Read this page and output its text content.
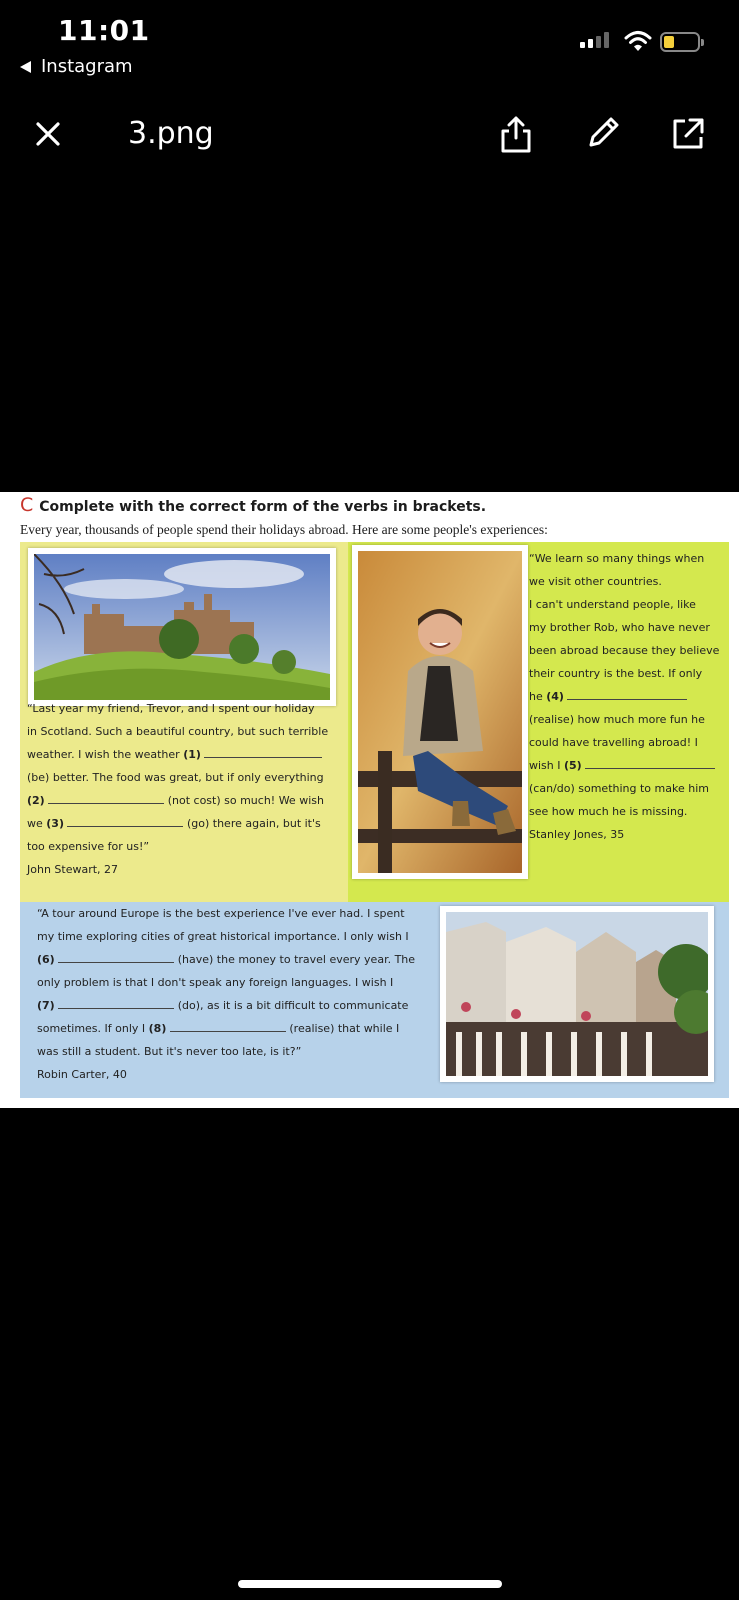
11:01
Instagram
3.png
C Complete with the correct form of the verbs in brackets.
Every year, thousands of people spend their holidays abroad. Here are some people's experiences:
“Last year my friend, Trevor, and I spent our holiday
in Scotland. Such a beautiful country, but such terrible
weather. I wish the weather (1)
(be) better. The food was great, but if only everything
(2)	(not cost) so much! We wish
we (3)	(go) there again, but it's
too expensive for us!”
John Stewart, 27
“We learn so many things when
we visit other countries.
I can't understand people, like
my brother Rob, who have never
been abroad because they believe
their country is the best. If only
he (4)
(realise) how much more fun he
could have travelling abroad! I
wish I (5)
(can/do) something to make him
see how much he is missing.
Stanley Jones, 35
“A tour around Europe is the best experience I've ever had. I spent
my time exploring cities of great historical importance. I only wish I
(6)	(have) the money to travel every year. The
only problem is that I don't speak any foreign languages. I wish I
(7)	(do), as it is a bit difficult to communicate
sometimes. If only I (8)	(realise) that while I
was still a student. But it's never too late, is it?”
Robin Carter, 40
